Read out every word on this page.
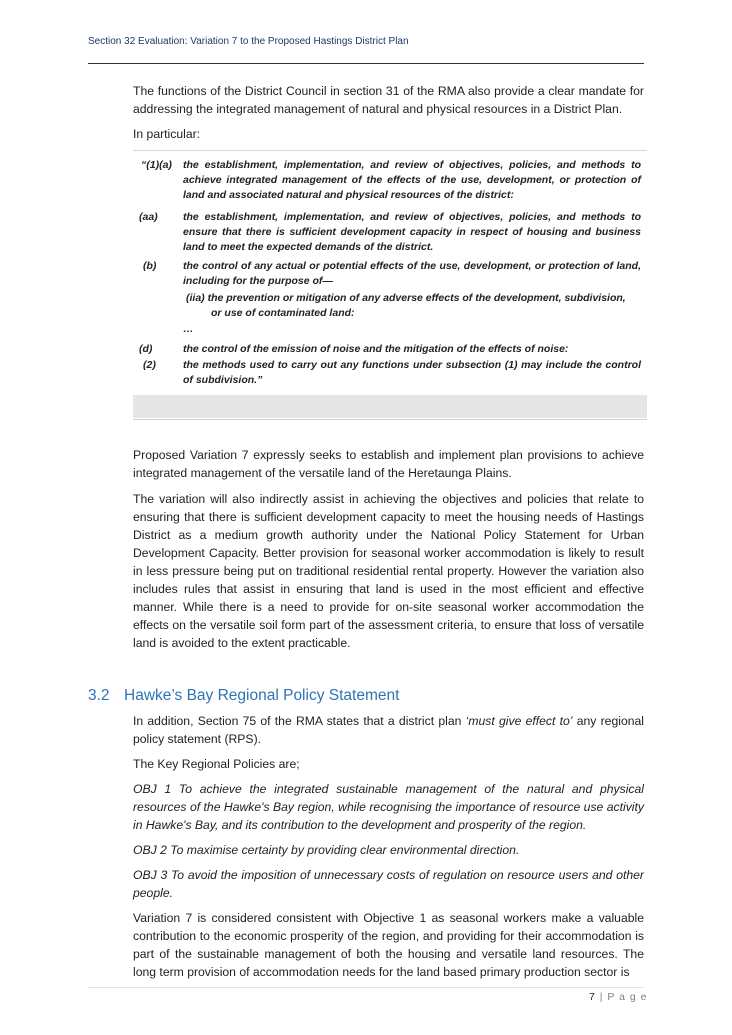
Section 32 Evaluation: Variation 7 to the Proposed Hastings District Plan
The functions of the District Council in section 31 of the RMA also provide a clear mandate for addressing the integrated management of natural and physical resources in a District Plan.
In particular:
“(1)(a) the establishment, implementation, and review of objectives, policies, and methods to achieve integrated management of the effects of the use, development, or protection of land and associated natural and physical resources of the district:
(aa) the establishment, implementation, and review of objectives, policies, and methods to ensure that there is sufficient development capacity in respect of housing and business land to meet the expected demands of the district.
(b)	the control of any actual or potential effects of the use, development, or protection of land, including for the purpose of—
(iia) the prevention or mitigation of any adverse effects of the development, subdivision,
or use of contaminated land:
…
(d)	the control of the emission of noise and the mitigation of the effects of noise:
(2)	the methods used to carry out any functions under subsection (1) may include the control of subdivision.”
Proposed Variation 7 expressly seeks to establish and implement plan provisions to achieve integrated management of the versatile land of the Heretaunga Plains.
The variation will also indirectly assist in achieving the objectives and policies that relate to ensuring that there is sufficient development capacity to meet the housing needs of Hastings District as a medium growth authority under the National Policy Statement for Urban Development Capacity. Better provision for seasonal worker accommodation is likely to result in less pressure being put on traditional residential rental property. However the variation also includes rules that assist in ensuring that land is used in the most efficient and effective manner. While there is a need to provide for on-site seasonal worker accommodation the effects on the versatile soil form part of the assessment criteria, to ensure that loss of versatile land is avoided to the extent practicable.
3.2 Hawke’s Bay Regional Policy Statement
In addition, Section 75 of the RMA states that a district plan ‘must give effect to’ any regional policy statement (RPS).
The Key Regional Policies are;
OBJ 1 To achieve the integrated sustainable management of the natural and physical resources of the Hawke's Bay region, while recognising the importance of resource use activity in Hawke's Bay, and its contribution to the development and prosperity of the region.
OBJ 2 To maximise certainty by providing clear environmental direction.
OBJ 3 To avoid the imposition of unnecessary costs of regulation on resource users and other people.
Variation 7 is considered consistent with Objective 1 as seasonal workers make a valuable contribution to the economic prosperity of the region, and providing for their accommodation is part of the sustainable management of both the housing and versatile land resources. The long term provision of accommodation needs for the land based primary production sector is
7 | P a g e
